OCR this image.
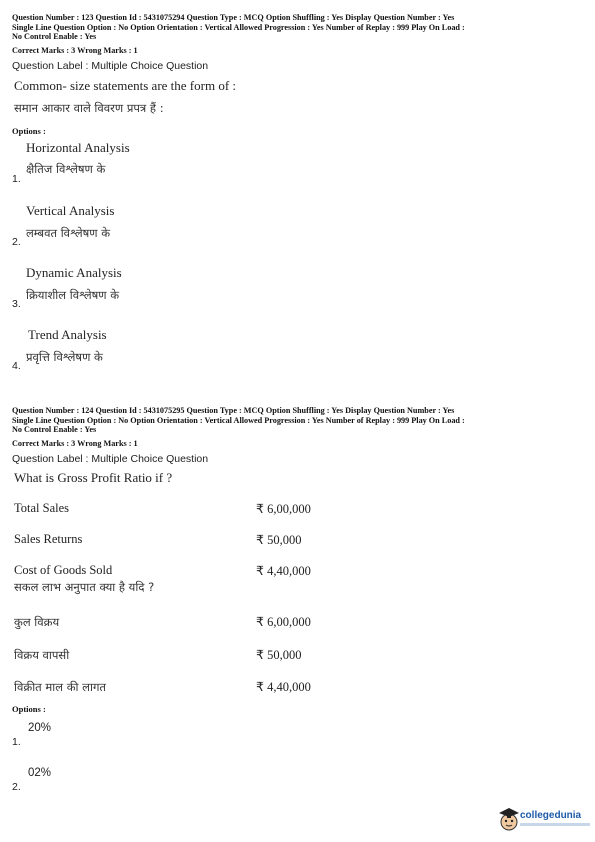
Question Number : 123 Question Id : 5431075294 Question Type : MCQ Option Shuffling : Yes Display Question Number : Yes
Single Line Question Option : No Option Orientation : Vertical Allowed Progression : Yes Number of Replay : 999 Play On Load :
No Control Enable : Yes
Correct Marks : 3 Wrong Marks : 1
Question Label : Multiple Choice Question
Common- size statements are the form of :
समान आकार वाले विवरण प्रपत्र हैं :
Options :
Horizontal Analysis
क्षैतिज विश्लेषण के
1.
Vertical Analysis
लम्बवत विश्लेषण के
2.
Dynamic Analysis
क्रियाशील विश्लेषण के
3.
Trend Analysis
प्रवृत्ति विश्लेषण के
4.
Question Number : 124 Question Id : 5431075295 Question Type : MCQ Option Shuffling : Yes Display Question Number : Yes
Single Line Question Option : No Option Orientation : Vertical Allowed Progression : Yes Number of Replay : 999 Play On Load :
No Control Enable : Yes
Correct Marks : 3 Wrong Marks : 1
Question Label : Multiple Choice Question
What is Gross Profit Ratio if ?
Total Sales	₹ 6,00,000
Sales Returns	₹ 50,000
Cost of Goods Sold	₹ 4,40,000
सकल लाभ अनुपात क्या है यदि ?
कुल विक्रय	₹ 6,00,000
विक्रय वापसी	₹ 50,000
विक्रीत माल की लागत	₹ 4,40,000
Options :
20%
1.
02%
2.
collegedunia
